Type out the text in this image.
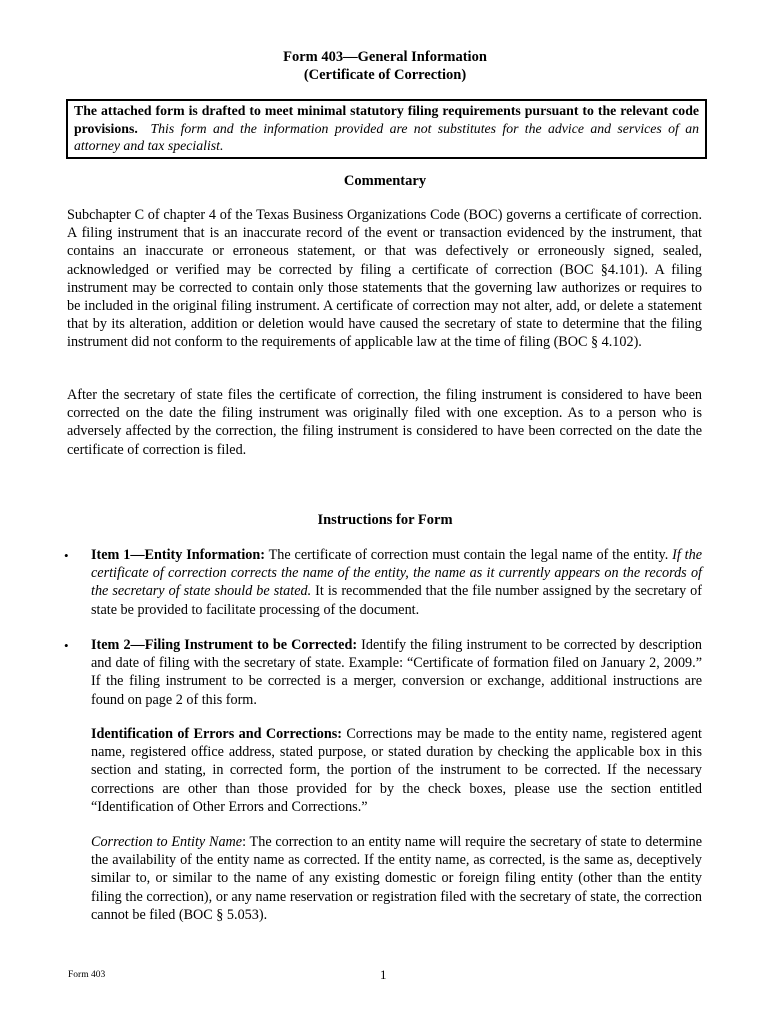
Form 403—General Information
(Certificate of Correction)
The attached form is drafted to meet minimal statutory filing requirements pursuant to the relevant code provisions. This form and the information provided are not substitutes for the advice and services of an attorney and tax specialist.
Commentary

Subchapter C of chapter 4 of the Texas Business Organizations Code (BOC) governs a certificate of correction. A filing instrument that is an inaccurate record of the event or transaction evidenced by the instrument, that contains an inaccurate or erroneous statement, or that was defectively or erroneously signed, sealed, acknowledged or verified may be corrected by filing a certificate of correction (BOC §4.101). A filing instrument may be corrected to contain only those statements that the governing law authorizes or requires to be included in the original filing instrument. A certificate of correction may not alter, add, or delete a statement that by its alteration, addition or deletion would have caused the secretary of state to determine that the filing instrument did not conform to the requirements of applicable law at the time of filing (BOC § 4.102).

After the secretary of state files the certificate of correction, the filing instrument is considered to have been corrected on the date the filing instrument was originally filed with one exception. As to a person who is adversely affected by the correction, the filing instrument is considered to have been corrected on the date the certificate of correction is filed.

Instructions for Form
• Item 1—Entity Information: The certificate of correction must contain the legal name of the entity. If the certificate of correction corrects the name of the entity, the name as it currently appears on the records of the secretary of state should be stated. It is recommended that the file number assigned by the secretary of state be provided to facilitate processing of the document.

• Item 2—Filing Instrument to be Corrected: Identify the filing instrument to be corrected by description and date of filing with the secretary of state. Example: “Certificate of formation filed on January 2, 2009.” If the filing instrument to be corrected is a merger, conversion or exchange, additional instructions are found on page 2 of this form.

Identification of Errors and Corrections: Corrections may be made to the entity name, registered agent name, registered office address, stated purpose, or stated duration by checking the applicable box in this section and stating, in corrected form, the portion of the instrument to be corrected. If the necessary corrections are other than those provided for by the check boxes, please use the section entitled “Identification of Other Errors and Corrections.”

Correction to Entity Name: The correction to an entity name will require the secretary of state to determine the availability of the entity name as corrected. If the entity name, as corrected, is the same as, deceptively similar to, or similar to the name of any existing domestic or foreign filing entity (other than the entity filing the correction), or any name reservation or registration filed with the secretary of state, the correction cannot be filed (BOC § 5.053).

Form 403	1
